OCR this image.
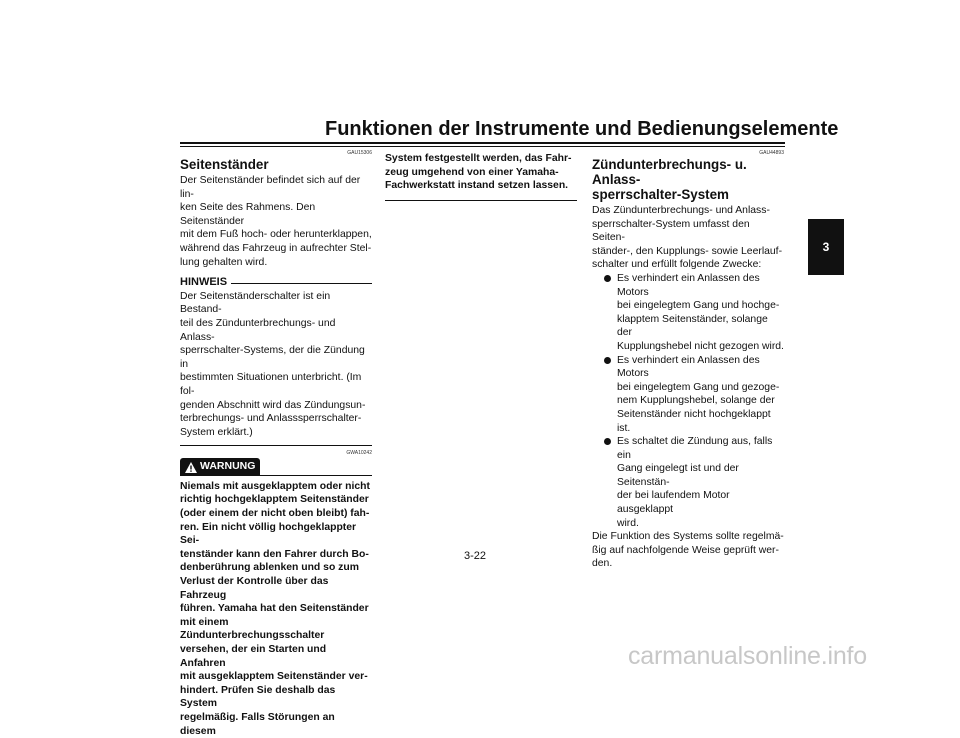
Funktionen der Instrumente und Bedienungselemente
GAU15306
Seitenständer

Der Seitenständer befindet sich auf der lin-
ken Seite des Rahmens. Den Seitenständer
mit dem Fuß hoch- oder herunterklappen,
während das Fahrzeug in aufrechter Stel-
lung gehalten wird.

HINWEIS

Der Seitenständerschalter ist ein Bestand-
teil des Zündunterbrechungs- und Anlass-
sperrschalter-Systems, der die Zündung in
bestimmten Situationen unterbricht. (Im fol-
genden Abschnitt wird das Zündungsun-
terbrechungs- und Anlasssperrschalter-
System erklärt.)

GWA10242
WARNUNG

Niemals mit ausgeklapptem oder nicht
richtig hochgeklapptem Seitenständer
(oder einem der nicht oben bleibt) fah-
ren. Ein nicht völlig hochgeklappter Sei-
tenständer kann den Fahrer durch Bo-
denberührung ablenken und so zum
Verlust der Kontrolle über das Fahrzeug
führen. Yamaha hat den Seitenständer
mit einem Zündunterbrechungsschalter
versehen, der ein Starten und Anfahren
mit ausgeklapptem Seitenständer ver-
hindert. Prüfen Sie deshalb das System
regelmäßig. Falls Störungen an diesem

System festgestellt werden, das Fahr-
zeug umgehend von einer Yamaha-
Fachwerkstatt instand setzen lassen.

GAU44893
Zündunterbrechungs- u. Anlass-
sperrschalter-System

Das Zündunterbrechungs- und Anlass-
sperrschalter-System umfasst den Seiten-
ständer-, den Kupplungs- sowie Leerlauf-
schalter und erfüllt folgende Zwecke:

Es verhindert ein Anlassen des Motors
bei eingelegtem Gang und hochge-
klapptem Seitenständer, solange der
Kupplungshebel nicht gezogen wird.
Es verhindert ein Anlassen des Motors
bei eingelegtem Gang und gezoge-
nem Kupplungshebel, solange der
Seitenständer nicht hochgeklappt ist.
Es schaltet die Zündung aus, falls ein
Gang eingelegt ist und der Seitenstän-
der bei laufendem Motor ausgeklappt
wird.

Die Funktion des Systems sollte regelmä-
ßig auf nachfolgende Weise geprüft wer-
den.

3
3-22
carmanualsonline.info
